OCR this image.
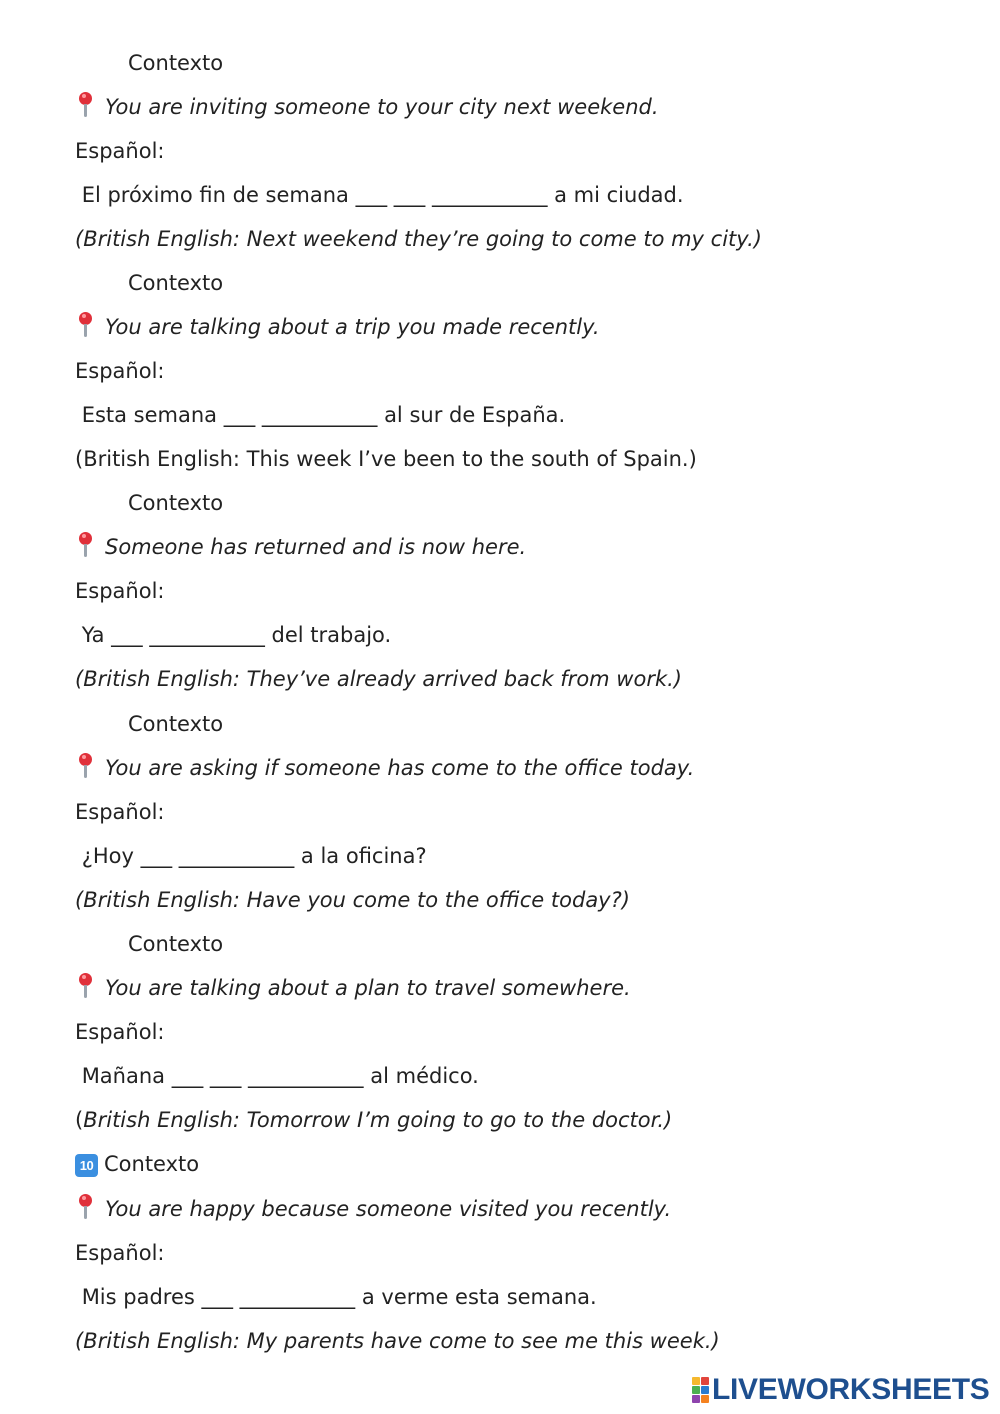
Contexto
You are inviting someone to your city next weekend.
Español:
El próximo fin de semana ___ ___ ___________ a mi ciudad.
(British English: Next weekend they’re going to come to my city.)
Contexto
You are talking about a trip you made recently.
Español:
Esta semana ___ ___________ al sur de España.
(British English: This week I’ve been to the south of Spain.)
Contexto
Someone has returned and is now here.
Español:
Ya ___ ___________ del trabajo.
(British English: They’ve already arrived back from work.)
Contexto
You are asking if someone has come to the office today.
Español:
¿Hoy ___ ___________ a la oficina?
(British English: Have you come to the office today?)
Contexto
You are talking about a plan to travel somewhere.
Español:
Mañana ___ ___ ___________ al médico.
(British English: Tomorrow I’m going to go to the doctor.)
10 Contexto
You are happy because someone visited you recently.
Español:
Mis padres ___ ___________ a verme esta semana.
(British English: My parents have come to see me this week.)
LIVEWORKSHEETS
